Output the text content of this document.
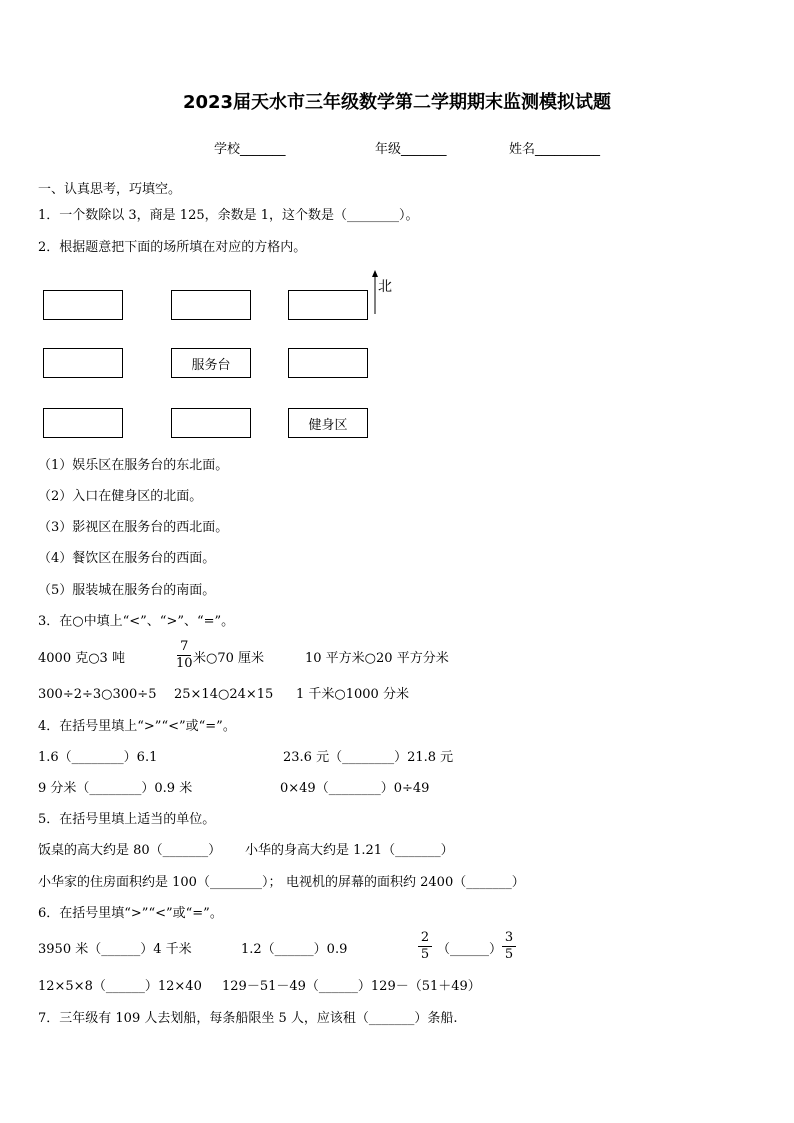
2023届天水市三年级数学第二学期期末监测模拟试题
学校_______	年级_______	姓名__________
一、认真思考，巧填空。
1．一个数除以 3，商是 125，余数是 1，这个数是（________）。
2．根据题意把下面的场所填在对应的方格内。
服务台
健身区
北
（1）娱乐区在服务台的东北面。
（2）入口在健身区的北面。
（3）影视区在服务台的西北面。
（4）餐饮区在服务台的西面。
（5）服装城在服务台的南面。
3．在○中填上“<”、“>”、“=”。
4000 克○3 吨
7
10 米○70 厘米	10 平方米○20 平方分米
300÷2÷3○300÷5 25×14○24×15 1 千米○1000 分米
4．在括号里填上“>”“<”或“=”。
1.6（________）6.1	23.6 元（________）21.8 元
9 分米（________）0.9 米	0×49（________）0÷49
5．在括号里填上适当的单位。
饭桌的高大约是 80（_______） 小华的身高大约是 1.21（_______）
小华家的住房面积约是 100（________）； 电视机的屏幕的面积约 2400（_______）
6．在括号里填“>”“<”或“=”。
3950 米（______）4 千米	1.2（______）0.9
2
5 （______）
3
5
12×5×8（______）12×40 129－51－49（______）129－（51＋49）
7．三年级有 109 人去划船，每条船限坐 5 人，应该租（_______）条船.
